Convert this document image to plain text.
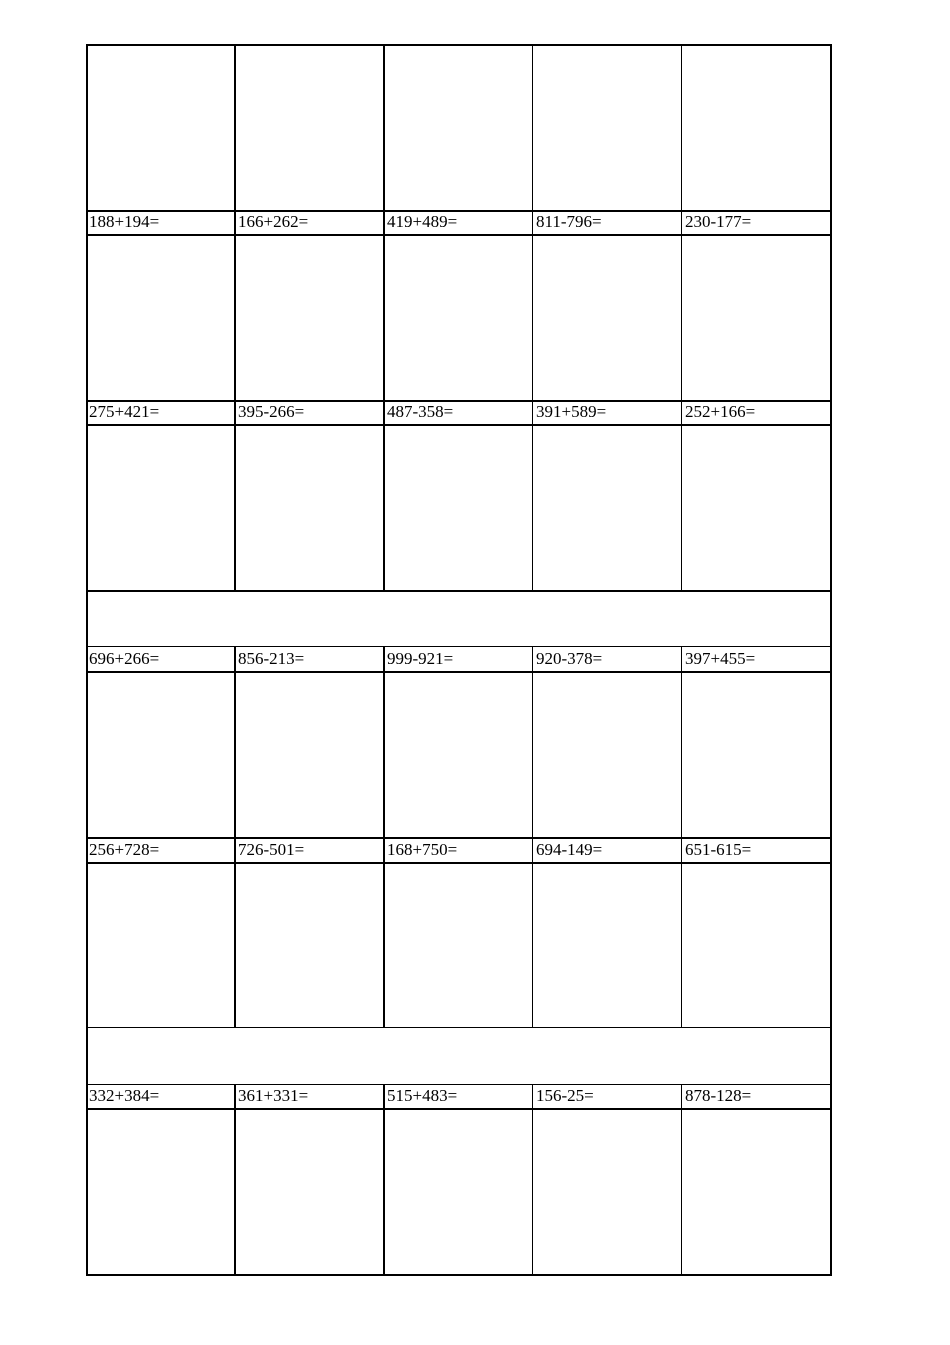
188+194=	166+262=	419+489=	811-796=	230-177=
275+421=	395-266=	487-358=	391+589=	252+166=
696+266=	856-213=	999-921=	920-378=	397+455=
256+728=	726-501=	168+750=	694-149=	651-615=
332+384=	361+331=	515+483=	156-25=	878-128=
